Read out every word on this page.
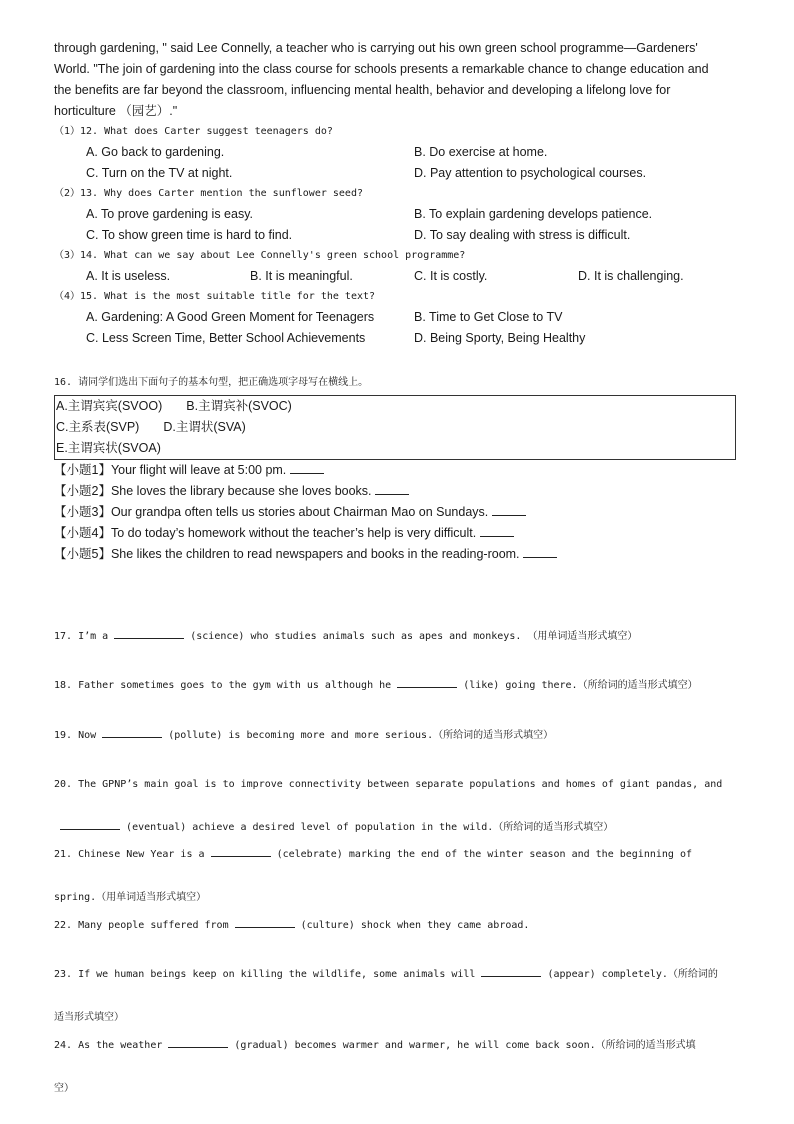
through gardening, " said Lee Connelly, a teacher who is carrying out his own green school programme—Gardeners'

World. "The join of gardening into the class course for schools presents a remarkable chance to change education and

the benefits are far beyond the classroom, influencing mental health, behavior and developing a lifelong love for

horticulture （园艺）."

（1）12. What does Carter suggest teenagers do?
A. Go back to gardening.	B. Do exercise at home.
C. Turn on the TV at night.	D. Pay attention to psychological courses.
（2）13. Why does Carter mention the sunflower seed?
A. To prove gardening is easy.	B. To explain gardening develops patience.
C. To show green time is hard to find.	D. To say dealing with stress is difficult.
（3）14. What can we say about Lee Connelly's green school programme?
A. It is useless.	B. It is meaningful.	C. It is costly.	D. It is challenging.
（4）15. What is the most suitable title for the text?
A. Gardening: A Good Green Moment for Teenagers	B. Time to Get Close to TV
C. Less Screen Time, Better School Achievements	D. Being Sporty, Being Healthy
16. 请同学们选出下面句子的基本句型，把正确选项字母写在横线上。
A.主谓宾宾(SVOO) B.主谓宾补(SVOC)
C.主系表(SVP) D.主谓状(SVA)
E.主谓宾状(SVOA)
【小题1】Your flight will leave at 5:00 pm.
【小题2】She loves the library because she loves books.
【小题3】Our grandpa often tells us stories about Chairman Mao on Sundays.
【小题4】To do today’s homework without the teacher’s help is very difficult.
【小题5】She likes the children to read newspapers and books in the reading-room.

17. I’m a	(science) who studies animals such as apes and monkeys. （用单词适当形式填空）

18. Father sometimes goes to the gym with us although he	(like) going there.（所给词的适当形式填空）

19. Now	(pollute) is becoming more and more serious.（所给词的适当形式填空）

20. The GPNP’s main goal is to improve connectivity between separate populations and homes of giant pandas, and

(eventual) achieve a desired level of population in the wild.（所给词的适当形式填空）

21. Chinese New Year is a	(celebrate) marking the end of the winter season and the beginning of

spring.（用单词适当形式填空）

22. Many people suffered from	(culture) shock when they came abroad.

23. If we human beings keep on killing the wildlife, some animals will	(appear) completely.（所给词的

适当形式填空）

24. As the weather	(gradual) becomes warmer and warmer, he will come back soon.（所给词的适当形式填

空）
